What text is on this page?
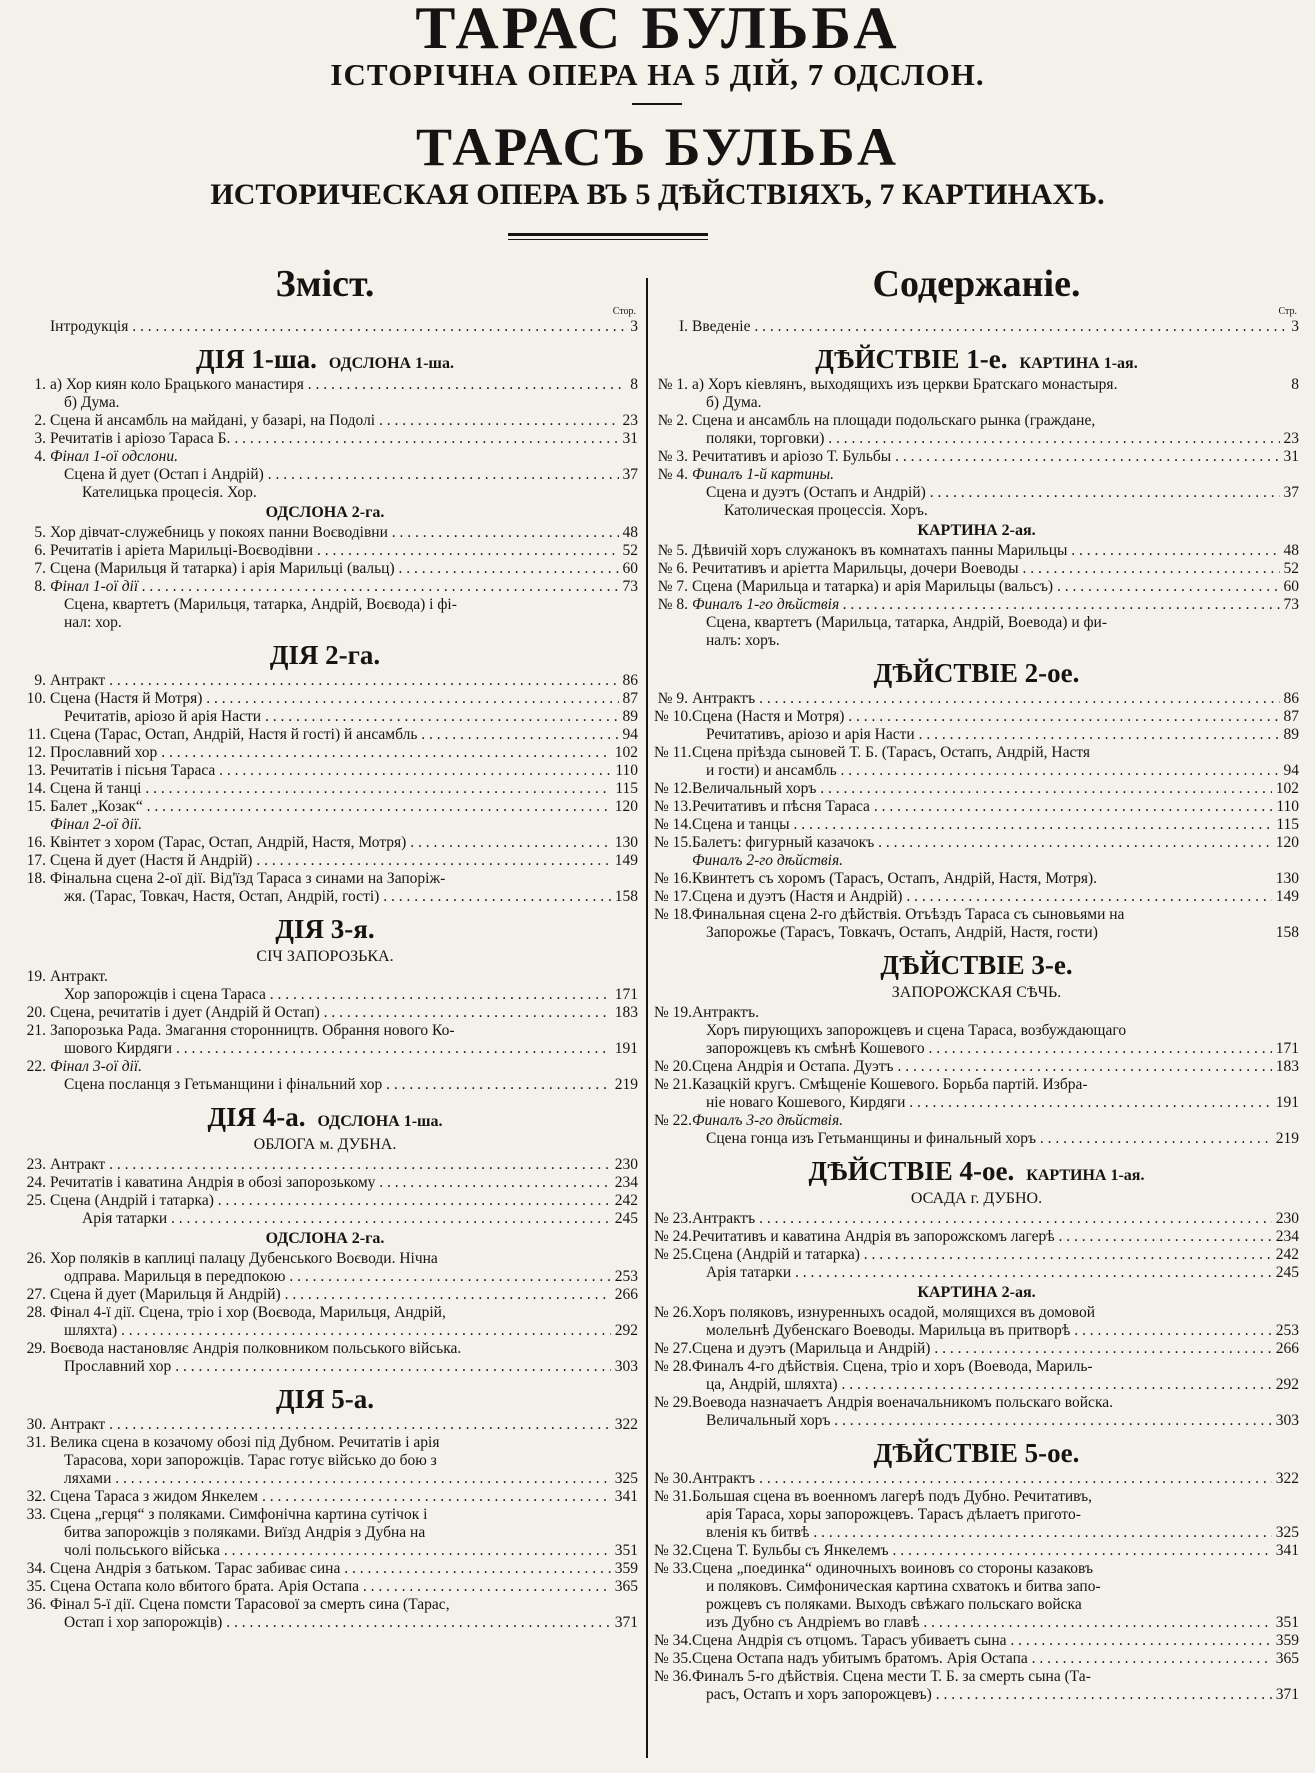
ТАРАС БУЛЬБА
ІСТОРІЧНА ОПЕРА НА 5 ДІЙ, 7 ОДСЛОН.
ТАРАСЪ БУЛЬБА
ИСТОРИЧЕСКАЯ ОПЕРА ВЪ 5 ДѢЙСТВІЯХЪ, 7 КАРТИНАХЪ.
Зміст.
Стор.
Інтродукція . . .	3
ДІЯ 1-ша. ОДСЛОНА 1-ша.
1. а) Хор киян коло Брацького манастиря . . .	8
б) Дума.
2. Сцена й ансамбль на майдані, у базарі, на Подолі . . .	23
3. Речитатів і аріозо Тараса Б. . . .	31
4. Фінал 1-ої одслони.
Сцена й дует (Остап і Андрій) . . .	37
Кателицька процесія. Хор.
ОДСЛОНА 2-га.
5. Хор дівчат-служебниць у покоях панни Воєводівни . . .	48
6. Речитатів і аріета Марильці-Воєводівни . . .	52
7. Сцена (Марильця й татарка) і арія Марильці (вальц) . . .	60
8. Фінал 1-ої дії . . .	73
Сцена, квартетъ (Марильця, татарка, Андрій, Воєвода) і фі-
нал: хор.
ДІЯ 2-га.
9. Антракт . . .	86
10. Сцена (Настя й Мотря) . . .	87
Речитатів, аріозо й арія Насти . . .	89
11. Сцена (Тарас, Остап, Андрій, Настя й гості) й ансамбль . . .	94
12. Прославний хор . . .	102
13. Речитатів і пісьня Тараса . . .	110
14. Сцена й танці . . .	115
15. Балет „Козак“ . . .	120
Фінал 2-ої дії.
16. Квінтет з хором (Тарас, Остап, Андрій, Настя, Мотря) . . .	130
17. Сцена й дует (Настя й Андрій) . . .	149
18. Фінальна сцена 2-ої дії. Від'їзд Тараса з синами на Запоріж-
жя. (Тарас, Товкач, Настя, Остап, Андрій, гості) . . .	158
ДІЯ 3-я.
СІЧ ЗАПОРОЗЬКА.
19. Антракт.
Хор запорожців і сцена Тараса . . .	171
20. Сцена, речитатів і дует (Андрій й Остап) . . .	183
21. Запорозька Рада. Змагання сторонництв. Обрання нового Ко-
шового Кирдяги . . .	191
22. Фінал 3-ої дії.
Сцена посланця з Гетьманщини і фінальний хор . . .	219
ДІЯ 4-а. ОДСЛОНА 1-ша.
ОБЛОГА м. ДУБНА.
23. Антракт . . .	230
24. Речитатів і каватина Андрія в обозі запорозькому . . .	234
25. Сцена (Андрій і татарка) . . .	242
Арія татарки . . .	245
ОДСЛОНА 2-га.
26. Хор поляків в каплиці палацу Дубенського Воєводи. Нічна
одправа. Марильця в передпокою . . .	253
27. Сцена й дует (Марильця й Андрій) . . .	266
28. Фінал 4-ї дії. Сцена, тріо і хор (Воєвода, Марильця, Андрій,
шляхта) . . .	292
29. Воєвода настановляє Андрія полковником польського війська.
Прославний хор . . .	303
ДІЯ 5-а.
30. Антракт . . .	322
31. Велика сцена в козачому обозі під Дубном. Речитатів і арія
Тарасова, хори запорожців. Тарас готує військо до бою з
ляхами . . .	325
32. Сцена Тараса з жидом Янкелем . . .	341
33. Сцена „герця“ з поляками. Симфонічна картина сутічок і
битва запорожців з поляками. Виїзд Андрія з Дубна на
чолі польського війська . . .	351
34. Сцена Андрія з батьком. Тарас забиває сина . . .	359
35. Сцена Остапа коло вбитого брата. Арія Остапа . . .	365
36. Фінал 5-ї дії. Сцена помсти Тарасової за смерть сина (Тарас,
Остап і хор запорожців) . . .	371
Содержаніе.
Стр.
I. Введеніе . . .	3
ДѢЙСТВІЕ 1-е. КАРТИНА 1-ая.
№ 1. а) Хоръ кіевлянъ, выходящихъ изъ церкви Братскагo монастыря.	8
б) Дума.
№ 2. Сцена и ансамбль на площади подольскаго рынка (граждане,
поляки, торговки) . . .	23
№ 3. Речитативъ и аріозо Т. Бульбы . . .	31
№ 4. Финалъ 1-й картины.
Сцена и дуэтъ (Остапъ и Андрій) . . .	37
Католическая процессія. Хоръ.
КАРТИНА 2-ая.
№ 5. Дѣвичій хоръ служанокъ въ комнатахъ панны Марильцы . . .	48
№ 6. Речитативъ и аріетта Марильцы, дочери Воеводы . . .	52
№ 7. Сцена (Марильца и татарка) и арія Марильцы (вальсъ) . . .	60
№ 8. Финалъ 1-го дѣйствія . . .	73
Сцена, квартетъ (Марильца, татарка, Андрій, Воевода) и фи-
налъ: хоръ.
ДѢЙСТВІЕ 2-ое.
№ 9. Антрактъ . . .	86
№ 10. Сцена (Настя и Мотря) . . .	87
Речитативъ, аріозо и арія Насти . . .	89
№ 11. Сцена пріѣзда сыновей Т. Б. (Тарасъ, Остапъ, Андрій, Настя
и гости) и ансамбль . . .	94
№ 12. Величальный хоръ . . .	102
№ 13. Речитативъ и пѣсня Тараса . . .	110
№ 14. Сцена и танцы . . .	115
№ 15. Балетъ: фигурный казачокъ . . .	120
Финалъ 2-го дѣйствія.
№ 16. Квинтетъ съ хоромъ (Тарасъ, Остапъ, Андрій, Настя, Мотря).	130
№ 17. Сцена и дуэтъ (Настя и Андрій) . . .	149
№ 18. Финальная сцена 2-го дѣйствія. Отъѣздъ Тараса съ сыновьями на
Запорожье (Тарасъ, Товкачъ, Остапъ, Андрій, Настя, гости)	158
ДѢЙСТВІЕ 3-е.
ЗАПОРОЖСКАЯ СѢЧЬ.
№ 19. Антрактъ.
Хоръ пирующихъ запорожцевъ и сцена Тараса, возбуждающаго
запорожцевъ къ смѣнѣ Кошевого . . .	171
№ 20. Сцена Андрія и Остапа. Дуэтъ . . .	183
№ 21. Казацкій кругъ. Смѣщеніе Кошевого. Борьба партій. Избра-
ніе новаго Кошевого, Кирдяги . . .	191
№ 22. Финалъ 3-го дѣйствія.
Сцена гонца изъ Гетьманщины и финальный хоръ . . .	219
ДѢЙСТВІЕ 4-ое. КАРТИНА 1-ая.
ОСАДА г. ДУБНО.
№ 23. Антрактъ . . .	230
№ 24. Речитативъ и каватина Андрія въ запорожскомъ лагерѣ . . .	234
№ 25. Сцена (Андрій и татарка) . . .	242
Арія татарки . . .	245
КАРТИНА 2-ая.
№ 26. Хоръ поляковъ, изнуренныхъ осадой, молящихся въ домовой
молельнѣ Дубенскаго Воеводы. Марильца въ притворѣ . . .	253
№ 27. Сцена и дуэтъ (Марильца и Андрій) . . .	266
№ 28. Финалъ 4-го дѣйствія. Сцена, тріо и хоръ (Воевода, Мариль-
ца, Андрій, шляхта) . . .	292
№ 29. Воевода назначаетъ Андрія военачальникомъ польскаго войска.
Величальный хоръ . . .	303
ДѢЙСТВІЕ 5-ое.
№ 30. Антрактъ . . .	322
№ 31. Большая сцена въ военномъ лагерѣ подъ Дубно. Речитативъ,
арія Тараса, хоры запорожцевъ. Тарасъ дѣлаетъ пригото-
вленія къ битвѣ . . .	325
№ 32. Сцена Т. Бульбы съ Янкелемъ . . .	341
№ 33. Сцена „поединка“ одиночныхъ воиновъ со стороны казаковъ
и поляковъ. Симфоническая картина схватокъ и битва запо-
рожцевъ съ поляками. Выходъ свѣжаго польскаго войска
изъ Дубно съ Андріемъ во главѣ . . .	351
№ 34. Сцена Андрія съ отцомъ. Тарасъ убиваетъ сына . . .	359
№ 35. Сцена Остапа надъ убитымъ братомъ. Арія Остапа . . .	365
№ 36. Финалъ 5-го дѣйствія. Сцена мести Т. Б. за смерть сына (Та-
расъ, Остапъ и хоръ запорожцевъ) . . .	371
